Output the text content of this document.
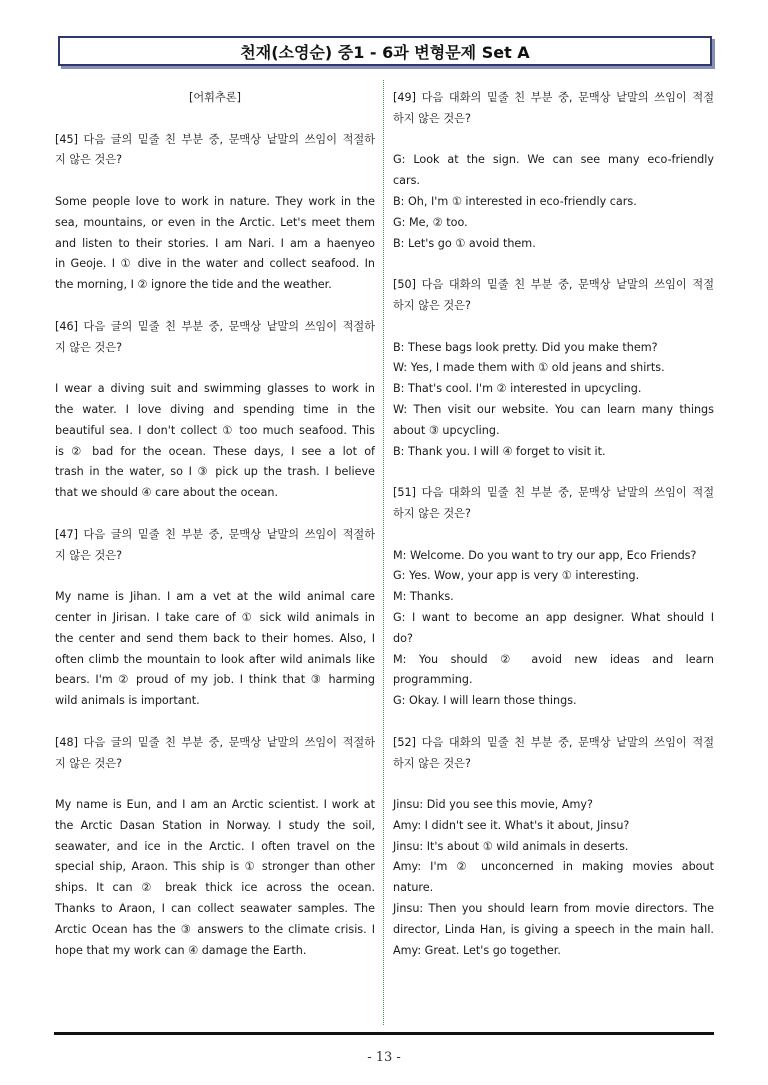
천재(소영순) 중1 - 6과 변형문제 Set A
[어휘추론]
[45] 다음 글의 밑줄 친 부분 중, 문맥상 낱말의 쓰임이 적절하
지 않은 것은?
Some people love to work in nature. They work in the
sea, mountains, or even in the Arctic. Let's meet them
and listen to their stories. I am Nari. I am a haenyeo
in Geoje. I ① dive in the water and collect seafood. In
the morning, I ② ignore the tide and the weather.
[46] 다음 글의 밑줄 친 부분 중, 문맥상 낱말의 쓰임이 적절하
지 않은 것은?
I wear a diving suit and swimming glasses to work in
the water. I love diving and spending time in the
beautiful sea. I don't collect ① too much seafood. This
is ② bad for the ocean. These days, I see a lot of
trash in the water, so I ③ pick up the trash. I believe
that we should ④ care about the ocean.
[47] 다음 글의 밑줄 친 부분 중, 문맥상 낱말의 쓰임이 적절하
지 않은 것은?
My name is Jihan. I am a vet at the wild animal care
center in Jirisan. I take care of ① sick wild animals in
the center and send them back to their homes. Also, I
often climb the mountain to look after wild animals like
bears. I'm ② proud of my job. I think that ③ harming
wild animals is important.
[48] 다음 글의 밑줄 친 부분 중, 문맥상 낱말의 쓰임이 적절하
지 않은 것은?
My name is Eun, and I am an Arctic scientist. I work at
the Arctic Dasan Station in Norway. I study the soil,
seawater, and ice in the Arctic. I often travel on the
special ship, Araon. This ship is ① stronger than other
ships. It can ② break thick ice across the ocean.
Thanks to Araon, I can collect seawater samples. The
Arctic Ocean has the ③ answers to the climate crisis. I
hope that my work can ④ damage the Earth.
[49] 다음 대화의 밑줄 친 부분 중, 문맥상 낱말의 쓰임이 적절
하지 않은 것은?
G: Look at the sign. We can see many eco-friendly
cars.
B: Oh, I'm ① interested in eco-friendly cars.
G: Me, ② too.
B: Let's go ① avoid them.
[50] 다음 대화의 밑줄 친 부분 중, 문맥상 낱말의 쓰임이 적절
하지 않은 것은?
B: These bags look pretty. Did you make them?
W: Yes, I made them with ① old jeans and shirts.
B: That's cool. I'm ② interested in upcycling.
W: Then visit our website. You can learn many things
about ③ upcycling.
B: Thank you. I will ④ forget to visit it.
[51] 다음 대화의 밑줄 친 부분 중, 문맥상 낱말의 쓰임이 적절
하지 않은 것은?
M: Welcome. Do you want to try our app, Eco Friends?
G: Yes. Wow, your app is very ① interesting.
M: Thanks.
G: I want to become an app designer. What should I
do?
M: You should ② avoid new ideas and learn
programming.
G: Okay. I will learn those things.
[52] 다음 대화의 밑줄 친 부분 중, 문맥상 낱말의 쓰임이 적절
하지 않은 것은?
Jinsu: Did you see this movie, Amy?
Amy: I didn't see it. What's it about, Jinsu?
Jinsu: It's about ① wild animals in deserts.
Amy: I'm ② unconcerned in making movies about
nature.
Jinsu: Then you should learn from movie directors. The
director, Linda Han, is giving a speech in the main hall.
Amy: Great. Let's go together.
- 13 -
